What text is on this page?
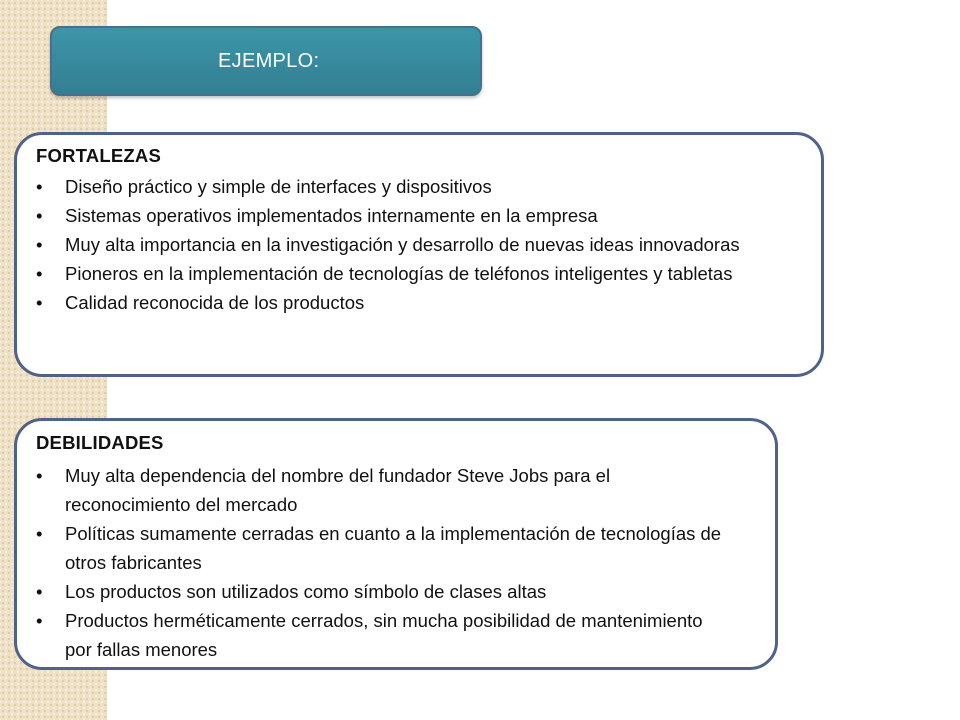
EJEMPLO:
FORTALEZAS
• Diseño práctico y simple de interfaces y dispositivos
• Sistemas operativos implementados internamente en la empresa
• Muy alta importancia en la investigación y desarrollo de nuevas ideas innovadoras
• Pioneros en la implementación de tecnologías de teléfonos inteligentes y tabletas
• Calidad reconocida de los productos
DEBILIDADES
• Muy alta dependencia del nombre del fundador Steve Jobs para el reconocimiento del mercado
• Políticas sumamente cerradas en cuanto a la implementación de tecnologías de otros fabricantes
• Los productos son utilizados como símbolo de clases altas
• Productos herméticamente cerrados, sin mucha posibilidad de mantenimiento por fallas menores
